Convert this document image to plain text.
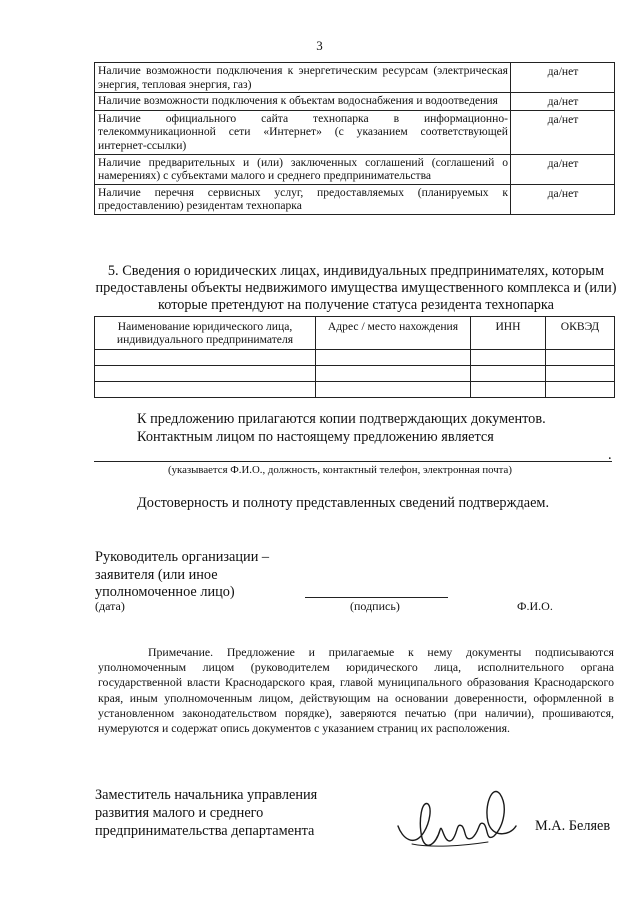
3
Наличие возможности подключения к энергетическим ресурсам (электрическая энергия, тепловая энергия, газ)	да/нет
Наличие возможности подключения к объектам водоснабжения и водоотведения	да/нет
Наличие официального сайта технопарка в информационно-телекоммуникационной сети «Интернет» (с указанием соответствующей интернет-ссылки)	да/нет
Наличие предварительных и (или) заключенных соглашений (соглашений о намерениях) с субъектами малого и среднего предпринимательства	да/нет
Наличие перечня сервисных услуг, предоставляемых (планируемых к предоставлению) резидентам технопарка	да/нет
5. Сведения о юридических лицах, индивидуальных предпринимателях, которым предоставлены объекты недвижимого имущества имущественного комплекса и (или) которые претендуют на получение статуса резидента технопарка
Наименование юридического лица, индивидуального предпринимателя	Адрес / место нахождения	ИНН	ОКВЭД

К предложению прилагаются копии подтверждающих документов.
Контактным лицом по настоящему предложению является
.
(указывается Ф.И.О., должность, контактный телефон, электронная почта)
Достоверность и полноту представленных сведений подтверждаем.
Руководитель организации –
заявителя (или иное
уполномоченное лицо)
(дата)	(подпись)	Ф.И.О.
Примечание. Предложение и прилагаемые к нему документы подписываются уполномоченным лицом (руководителем юридического лица, исполнительного органа государственной власти Краснодарского края, главой муниципального образования Краснодарского края, иным уполномоченным лицом, действующим на основании доверенности, оформленной в установленном законодательством порядке), заверяются печатью (при наличии), прошиваются, нумеруются и содержат опись документов с указанием страниц их расположения.
Заместитель начальника управления
развития малого и среднего
предпринимательства департамента	М.А. Беляев
